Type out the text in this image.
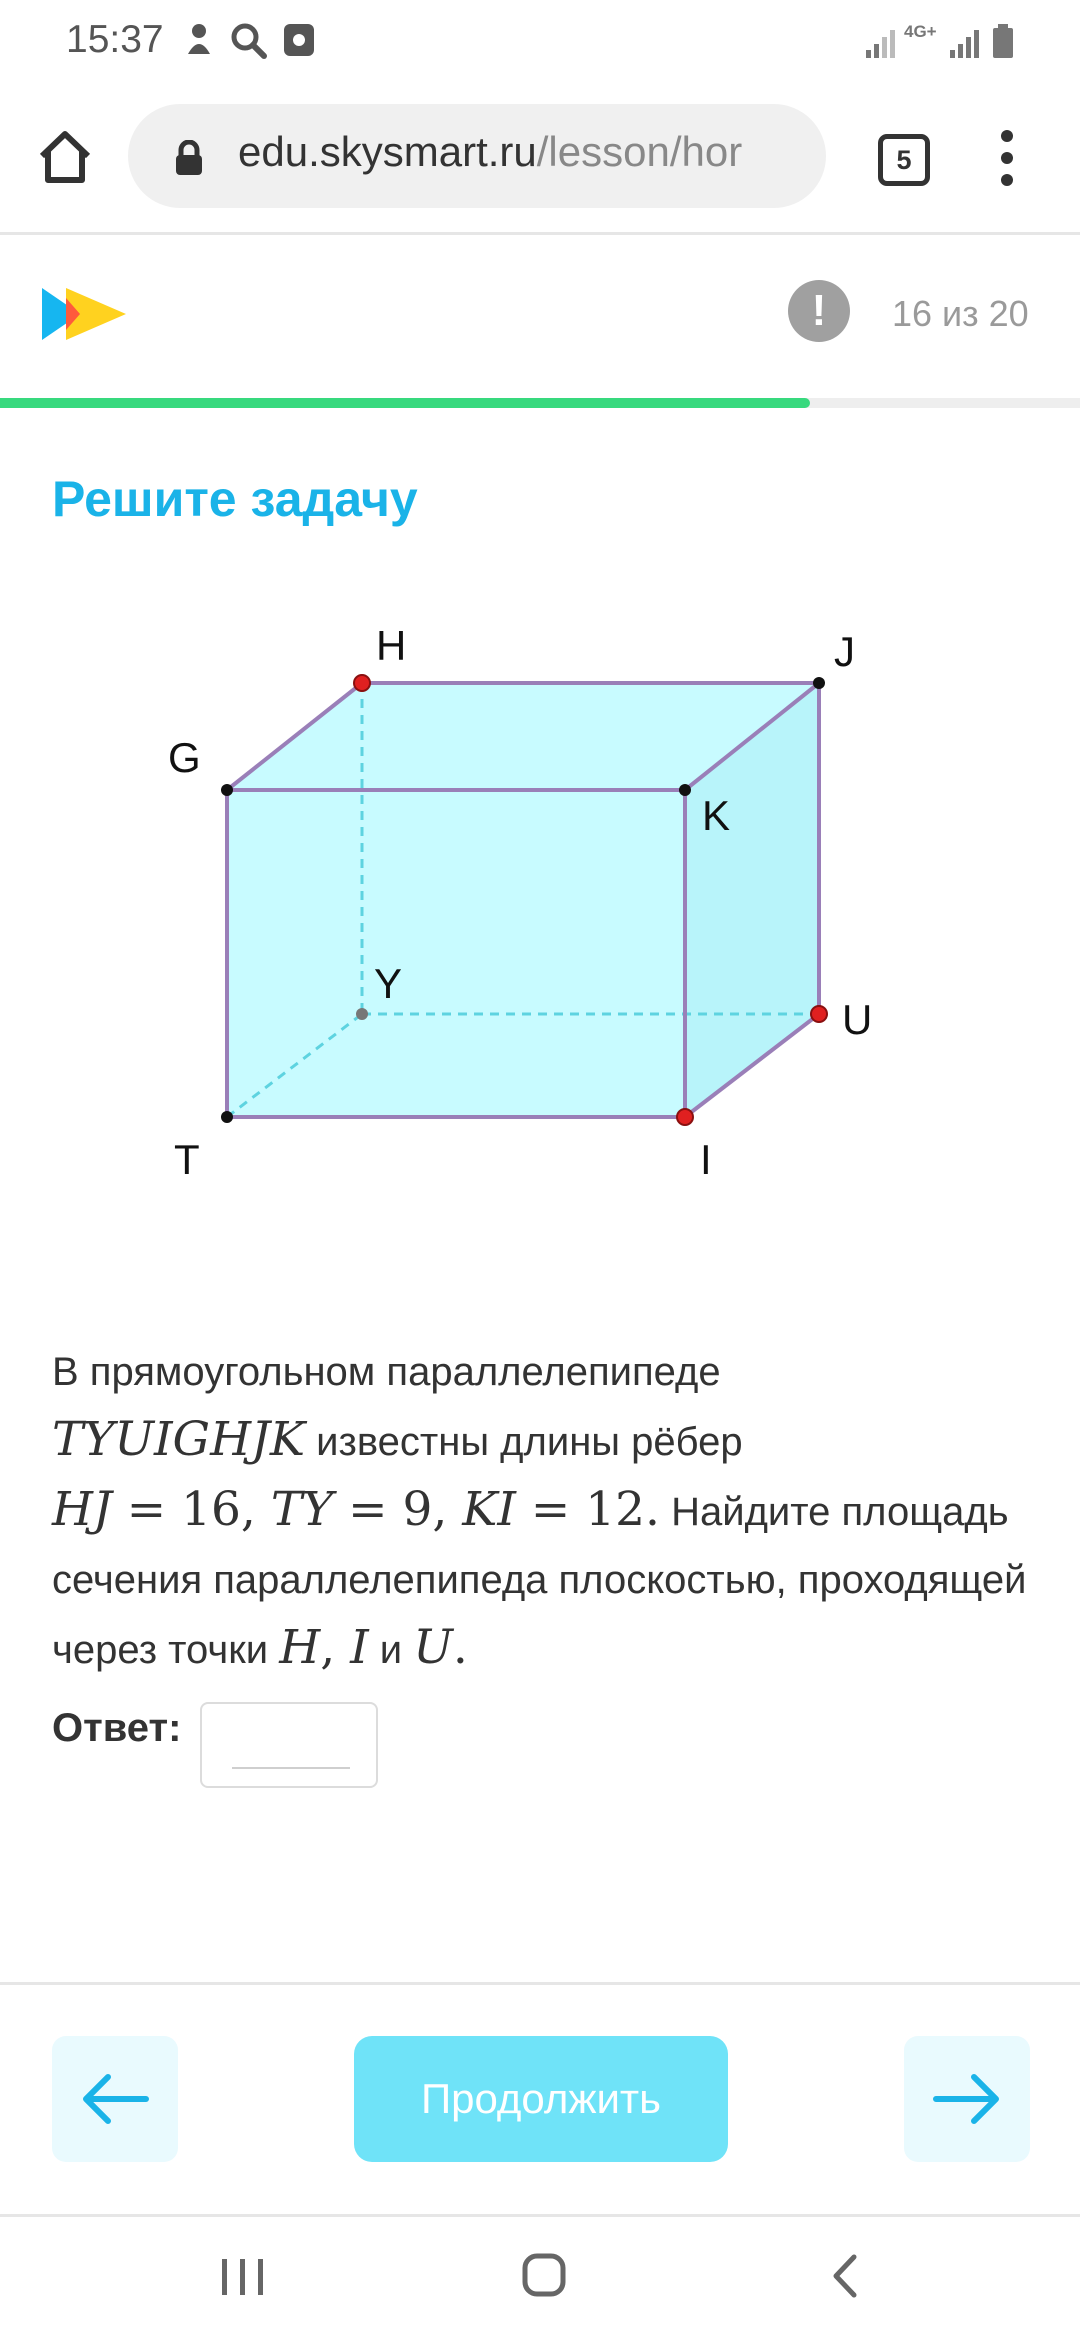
15:37	4G+
edu.skysmart.ru/lesson/hor	5
!	16 из 20
Решите задачу
H	J
G
K
Y
U
T	I
В прямоугольном параллелепипеде
TYUIGHJK известны длины рёбер
HJ = 16, TY = 9, KI = 12. Найдите площадь сечения параллелепипеда плоскостью, проходящей через точки H, I и U.
Ответ:
Продолжить
